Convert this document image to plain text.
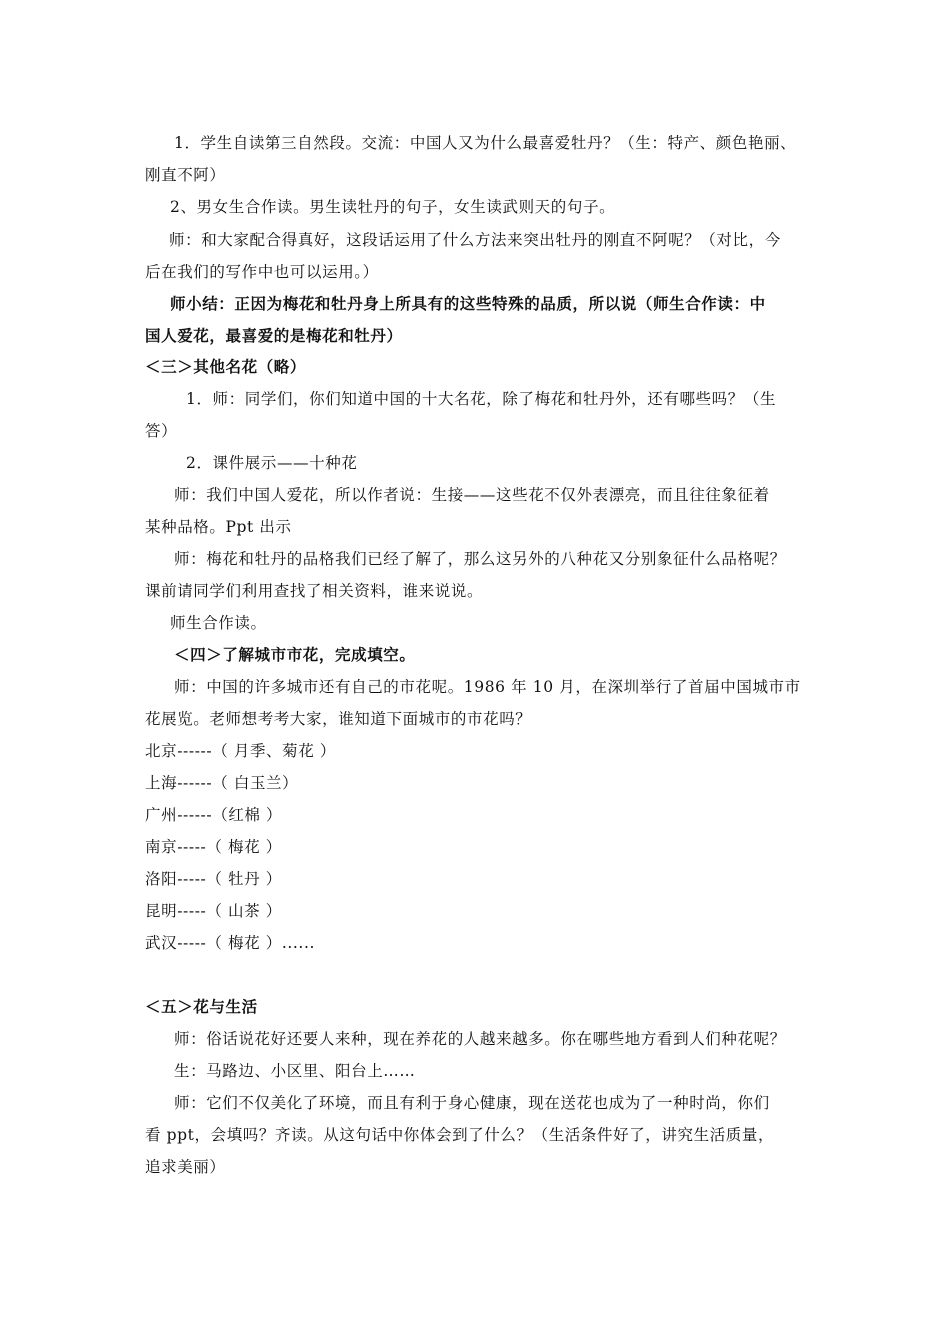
1．学生自读第三自然段。交流：中国人又为什么最喜爱牡丹？（生：特产、颜色艳丽、
刚直不阿）
2、男女生合作读。男生读牡丹的句子，女生读武则天的句子。
师：和大家配合得真好，这段话运用了什么方法来突出牡丹的刚直不阿呢？（对比，今
后在我们的写作中也可以运用。）
师小结：正因为梅花和牡丹身上所具有的这些特殊的品质，所以说（师生合作读：中
国人爱花，最喜爱的是梅花和牡丹）
＜三＞其他名花（略）
1．师：同学们，你们知道中国的十大名花，除了梅花和牡丹外，还有哪些吗？（生
答）
2．课件展示——十种花
师：我们中国人爱花，所以作者说：生接——这些花不仅外表漂亮，而且往往象征着
某种品格。Ppt 出示
师：梅花和牡丹的品格我们已经了解了，那么这另外的八种花又分别象征什么品格呢？
课前请同学们利用查找了相关资料，谁来说说。
师生合作读。
＜四＞了解城市市花，完成填空。
师：中国的许多城市还有自己的市花呢。1986 年 10 月，在深圳举行了首届中国城市市
花展览。老师想考考大家，谁知道下面城市的市花吗？
北京------（ 月季、菊花 ）
上海------（ 白玉兰）
广州------（红棉 ）
南京-----（ 梅花 ）
洛阳-----（ 牡丹 ）
昆明-----（ 山茶 ）
武汉-----（ 梅花 ）......
＜五＞花与生活
师：俗话说花好还要人来种，现在养花的人越来越多。你在哪些地方看到人们种花呢？
生：马路边、小区里、阳台上……
师：它们不仅美化了环境，而且有利于身心健康，现在送花也成为了一种时尚，你们
看 ppt，会填吗？齐读。从这句话中你体会到了什么？（生活条件好了，讲究生活质量，
追求美丽）
